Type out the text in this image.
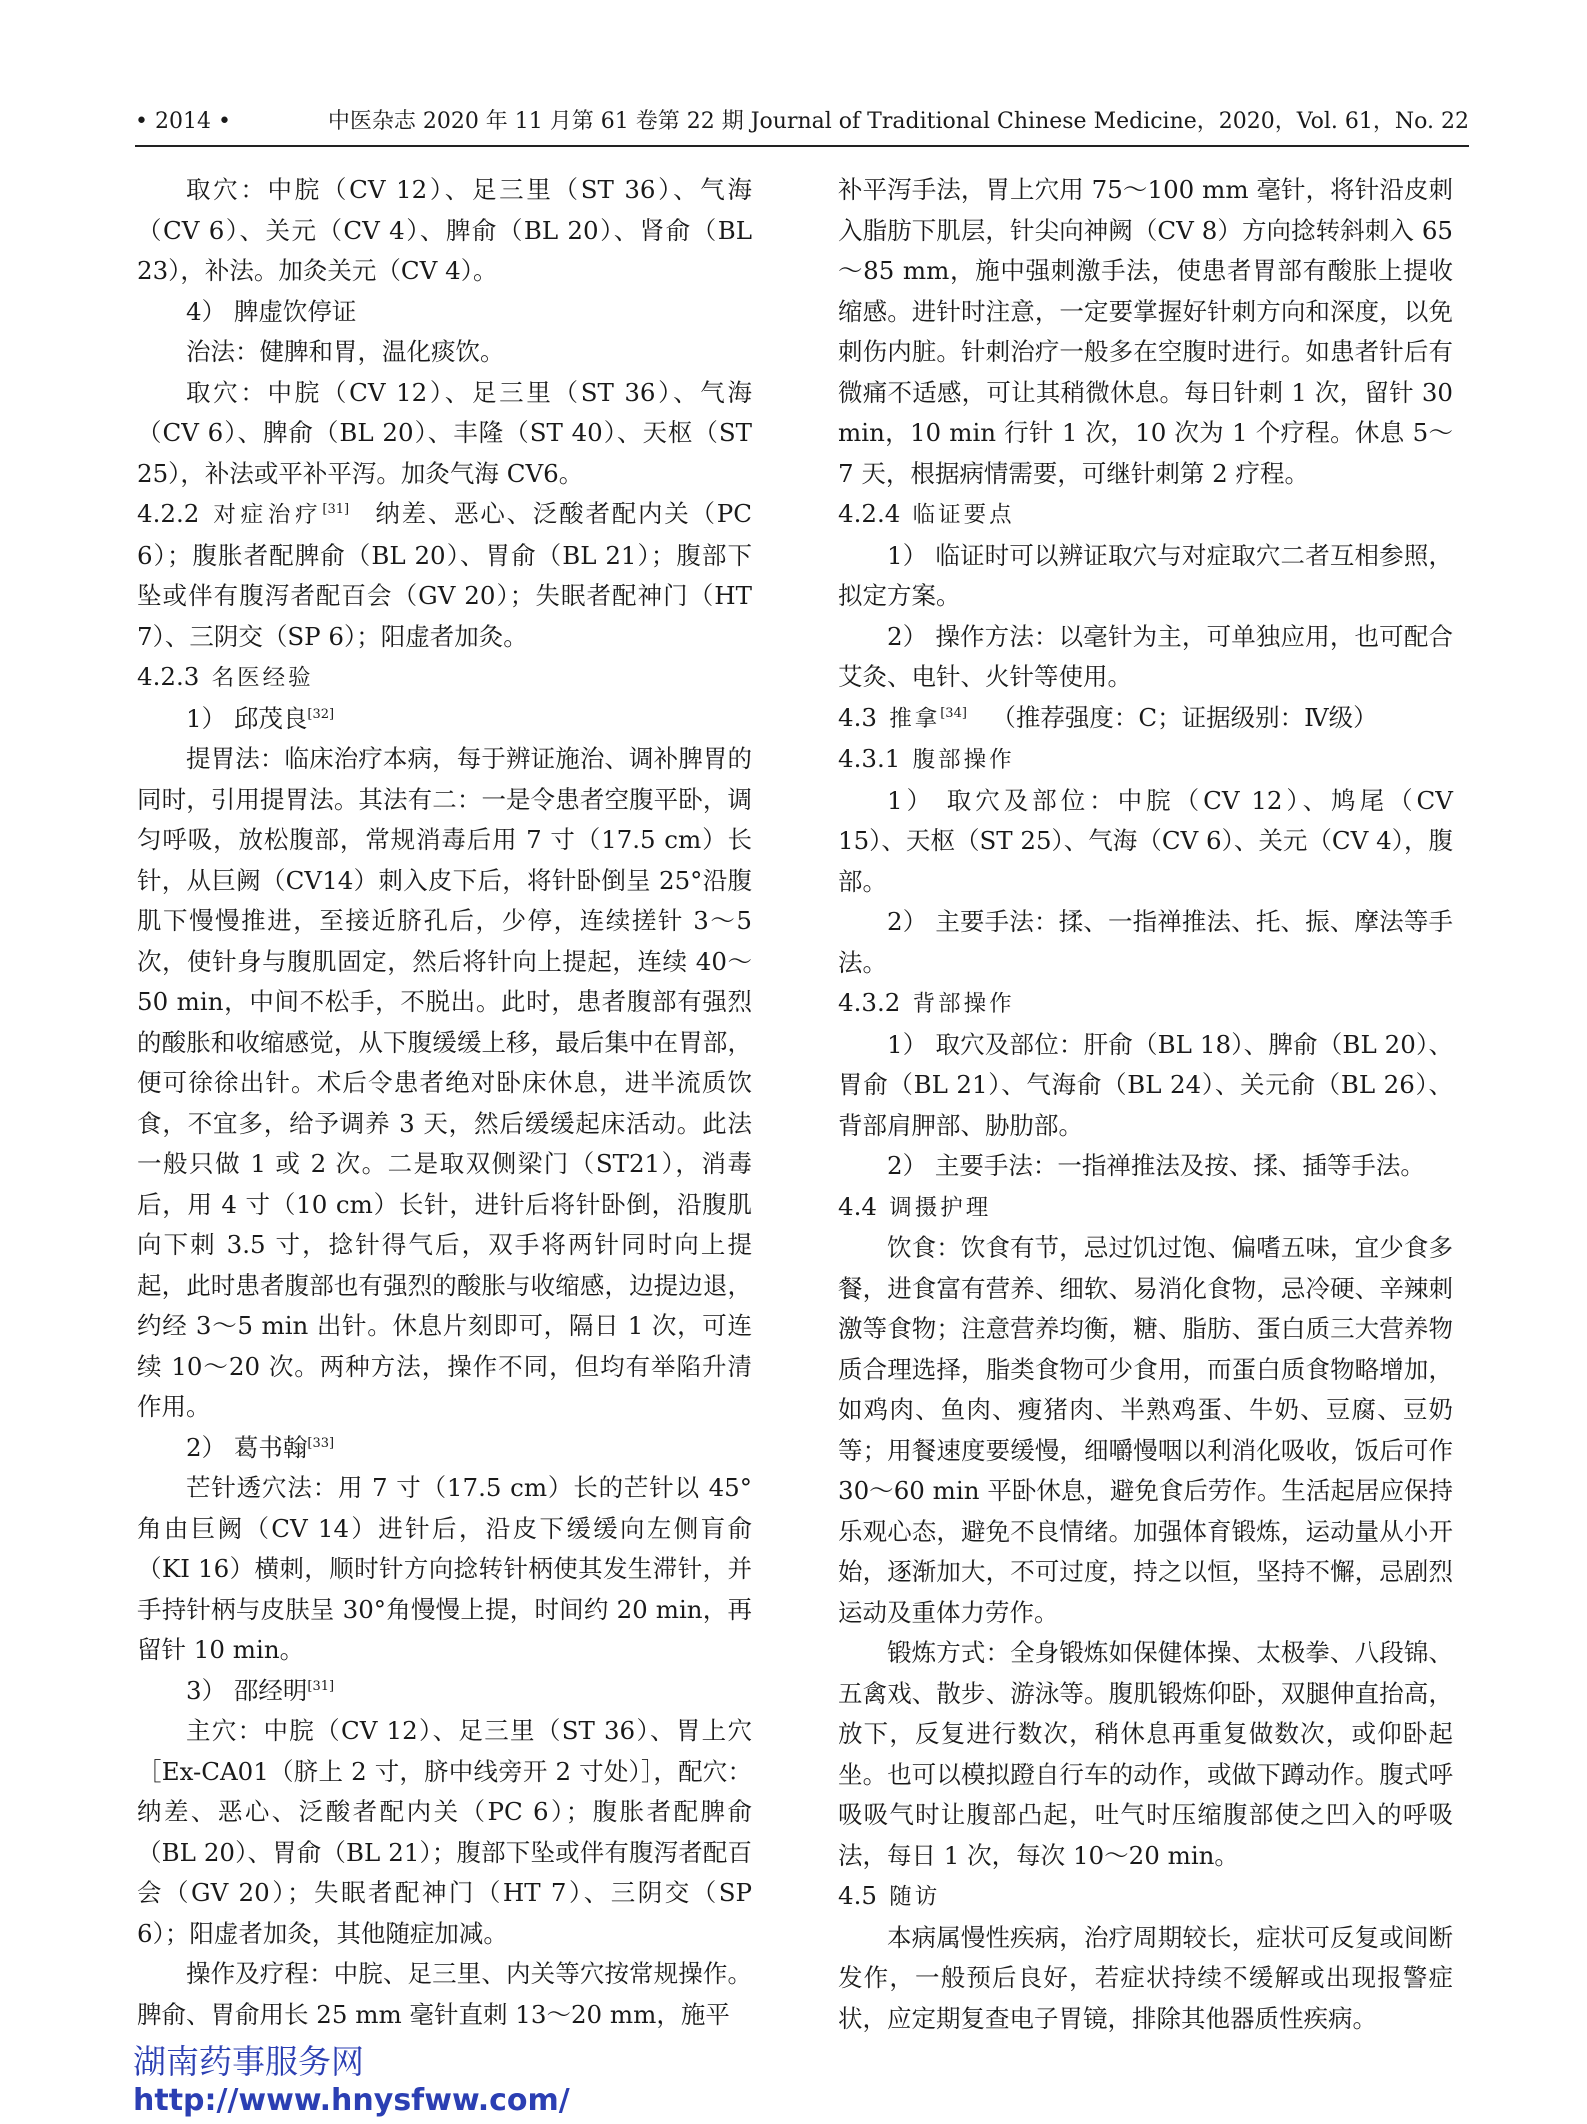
• 2014 •	中医杂志 2020 年 11 月第 61 卷第 22 期 Journal of Traditional Chinese Medicine，2020，Vol. 61，No. 22

取穴：中脘（CV 12）、足三里（ST 36）、气海（CV 6）、关元（CV 4）、脾俞（BL 20）、肾俞（BL 23），补法。加灸关元（CV 4）。

4） 脾虚饮停证

治法：健脾和胃，温化痰饮。

取穴：中脘（CV 12）、足三里（ST 36）、气海（CV 6）、脾俞（BL 20）、丰隆（ST 40）、天枢（ST 25），补法或平补平泻。加灸气海 CV6。

4.2.2  对症治疗[31]  纳差、恶心、泛酸者配内关（PC 6）；腹胀者配脾俞（BL 20）、胃俞（BL 21）；腹部下坠或伴有腹泻者配百会（GV 20）；失眠者配神门（HT 7）、三阴交（SP 6）；阳虚者加灸。

4.2.3  名医经验

1） 邱茂良[32]

提胃法：临床治疗本病，每于辨证施治、调补脾胃的同时，引用提胃法。其法有二：一是令患者空腹平卧，调匀呼吸，放松腹部，常规消毒后用 7 寸（17.5 cm）长针，从巨阙（CV14）刺入皮下后，将针卧倒呈 25°沿腹肌下慢慢推进，至接近脐孔后，少停，连续搓针 3～5 次，使针身与腹肌固定，然后将针向上提起，连续 40～50 min，中间不松手，不脱出。此时，患者腹部有强烈的酸胀和收缩感觉，从下腹缓缓上移，最后集中在胃部，便可徐徐出针。术后令患者绝对卧床休息，进半流质饮食，不宜多，给予调养 3 天，然后缓缓起床活动。此法一般只做 1 或 2 次。二是取双侧梁门（ST21），消毒后，用 4 寸（10 cm）长针，进针后将针卧倒，沿腹肌向下刺 3.5 寸，捻针得气后，双手将两针同时向上提起，此时患者腹部也有强烈的酸胀与收缩感，边提边退，约经 3～5 min 出针。休息片刻即可，隔日 1 次，可连续 10～20 次。两种方法，操作不同，但均有举陷升清作用。

2） 葛书翰[33]

芒针透穴法：用 7 寸（17.5 cm）长的芒针以 45°角由巨阙（CV 14）进针后，沿皮下缓缓向左侧肓俞（KI 16）横刺，顺时针方向捻转针柄使其发生滞针，并手持针柄与皮肤呈 30°角慢慢上提，时间约 20 min，再留针 10 min。

3） 邵经明[31]

主穴：中脘（CV 12）、足三里（ST 36）、胃上穴［Ex-CA01（脐上 2 寸，脐中线旁开 2 寸处）］，配穴：纳差、恶心、泛酸者配内关（PC 6）；腹胀者配脾俞（BL 20）、胃俞（BL 21）；腹部下坠或伴有腹泻者配百会（GV 20）；失眠者配神门（HT 7）、三阴交（SP 6）；阳虚者加灸，其他随症加减。

操作及疗程：中脘、足三里、内关等穴按常规操作。脾俞、胃俞用长 25 mm 毫针直刺 13～20 mm，施平

补平泻手法，胃上穴用 75～100 mm 毫针，将针沿皮刺入脂肪下肌层，针尖向神阙（CV 8）方向捻转斜刺入 65～85 mm，施中强刺激手法，使患者胃部有酸胀上提收缩感。进针时注意，一定要掌握好针刺方向和深度，以免刺伤内脏。针刺治疗一般多在空腹时进行。如患者针后有微痛不适感，可让其稍微休息。每日针刺 1 次，留针 30 min，10 min 行针 1 次，10 次为 1 个疗程。休息 5～7 天，根据病情需要，可继针刺第 2 疗程。

4.2.4  临证要点

1） 临证时可以辨证取穴与对症取穴二者互相参照，拟定方案。

2） 操作方法：以毫针为主，可单独应用，也可配合艾灸、电针、火针等使用。

4.3  推拿[34]  （推荐强度：C；证据级别：Ⅳ级）

4.3.1  腹部操作

1） 取穴及部位：中脘（CV 12）、鸠尾（CV 15）、天枢（ST 25）、气海（CV 6）、关元（CV 4），腹部。

2） 主要手法：揉、一指禅推法、托、振、摩法等手法。

4.3.2  背部操作

1） 取穴及部位：肝俞（BL 18）、脾俞（BL 20）、胃俞（BL 21）、气海俞（BL 24）、关元俞（BL 26）、背部肩胛部、胁肋部。

2） 主要手法：一指禅推法及按、揉、插等手法。

4.4  调摄护理

饮食：饮食有节，忌过饥过饱、偏嗜五味，宜少食多餐，进食富有营养、细软、易消化食物，忌冷硬、辛辣刺激等食物；注意营养均衡，糖、脂肪、蛋白质三大营养物质合理选择，脂类食物可少食用，而蛋白质食物略增加，如鸡肉、鱼肉、瘦猪肉、半熟鸡蛋、牛奶、豆腐、豆奶等；用餐速度要缓慢，细嚼慢咽以利消化吸收，饭后可作 30～60 min 平卧休息，避免食后劳作。生活起居应保持乐观心态，避免不良情绪。加强体育锻炼，运动量从小开始，逐渐加大，不可过度，持之以恒，坚持不懈，忌剧烈运动及重体力劳作。

锻炼方式：全身锻炼如保健体操、太极拳、八段锦、五禽戏、散步、游泳等。腹肌锻炼仰卧，双腿伸直抬高，放下，反复进行数次，稍休息再重复做数次，或仰卧起坐。也可以模拟蹬自行车的动作，或做下蹲动作。腹式呼吸吸气时让腹部凸起，吐气时压缩腹部使之凹入的呼吸法，每日 1 次，每次 10～20 min。

4.5  随访

本病属慢性疾病，治疗周期较长，症状可反复或间断发作，一般预后良好，若症状持续不缓解或出现报警症状，应定期复查电子胃镜，排除其他器质性疾病。

湖南药事服务网
http://www.hnysfww.com/
